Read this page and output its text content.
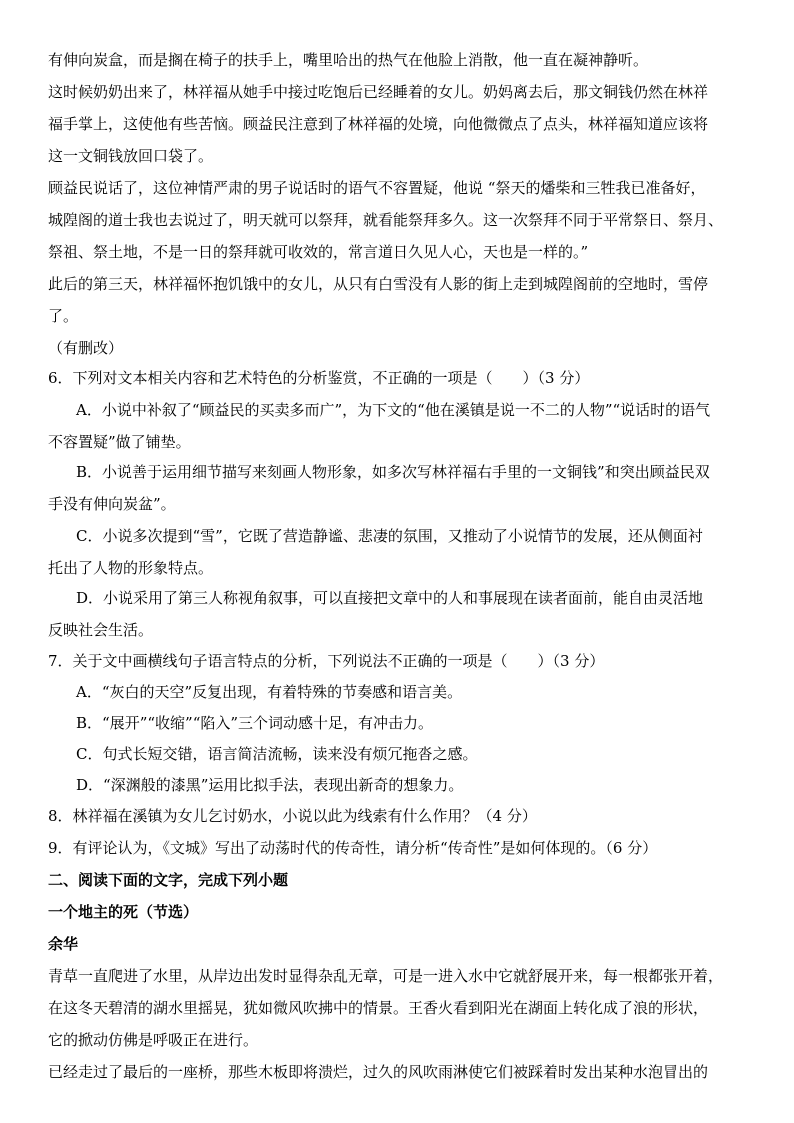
有伸向炭盒，而是搁在椅子的扶手上，嘴里哈出的热气在他脸上消散，他一直在凝神静听。
这时候奶奶出来了，林祥福从她手中接过吃饱后已经睡着的女儿。奶妈离去后，那文铜钱仍然在林祥
福手掌上，这使他有些苦恼。顾益民注意到了林祥福的处境，向他微微点了点头，林祥福知道应该将
这一文铜钱放回口袋了。
顾益民说话了，这位神情严肃的男子说话时的语气不容置疑，他说 “祭天的燔柴和三牲我已准备好，
城隍阁的道士我也去说过了，明天就可以祭拜，就看能祭拜多久。这一次祭拜不同于平常祭日、祭月、
祭祖、祭土地，不是一日的祭拜就可收效的，常言道日久见人心，天也是一样的。”
此后的第三天，林祥福怀抱饥饿中的女儿，从只有白雪没有人影的街上走到城隍阁前的空地时，雪停
了。
（有删改）
6．下列对文本相关内容和艺术特色的分析鉴赏，不正确的一项是（　　）（3 分）
A．小说中补叙了“顾益民的买卖多而广”，为下文的“他在溪镇是说一不二的人物”“说话时的语气
不容置疑”做了铺垫。
B．小说善于运用细节描写来刻画人物形象，如多次写林祥福右手里的一文铜钱”和突出顾益民双
手没有伸向炭盆”。
C．小说多次提到“雪”，它既了营造静谧、悲凄的氛围，又推动了小说情节的发展，还从侧面衬
托出了人物的形象特点。
D．小说采用了第三人称视角叙事，可以直接把文章中的人和事展现在读者面前，能自由灵活地
反映社会生活。
7．关于文中画横线句子语言特点的分析，下列说法不正确的一项是（　　）（3 分）
A．“灰白的天空”反复出现，有着特殊的节奏感和语言美。
B．“展开”“收缩”“陷入”三个词动感十足，有冲击力。
C．句式长短交错，语言简洁流畅，读来没有烦冗拖沓之感。
D．“深渊般的漆黑”运用比拟手法，表现出新奇的想象力。
8．林祥福在溪镇为女儿乞讨奶水，小说以此为线索有什么作用？（4 分）
9．有评论认为，《文城》写出了动荡时代的传奇性，请分析“传奇性”是如何体现的。（6 分）
二、阅读下面的文字，完成下列小题
一个地主的死（节选）
余华
青草一直爬进了水里，从岸边出发时显得杂乱无章，可是一进入水中它就舒展开来，每一根都张开着，
在这冬天碧清的湖水里摇晃，犹如微风吹拂中的情景。王香火看到阳光在湖面上转化成了浪的形状，
它的掀动仿佛是呼吸正在进行。
已经走过了最后的一座桥，那些木板即将溃烂，过久的风吹雨淋使它们被踩着时发出某种水泡冒出的
